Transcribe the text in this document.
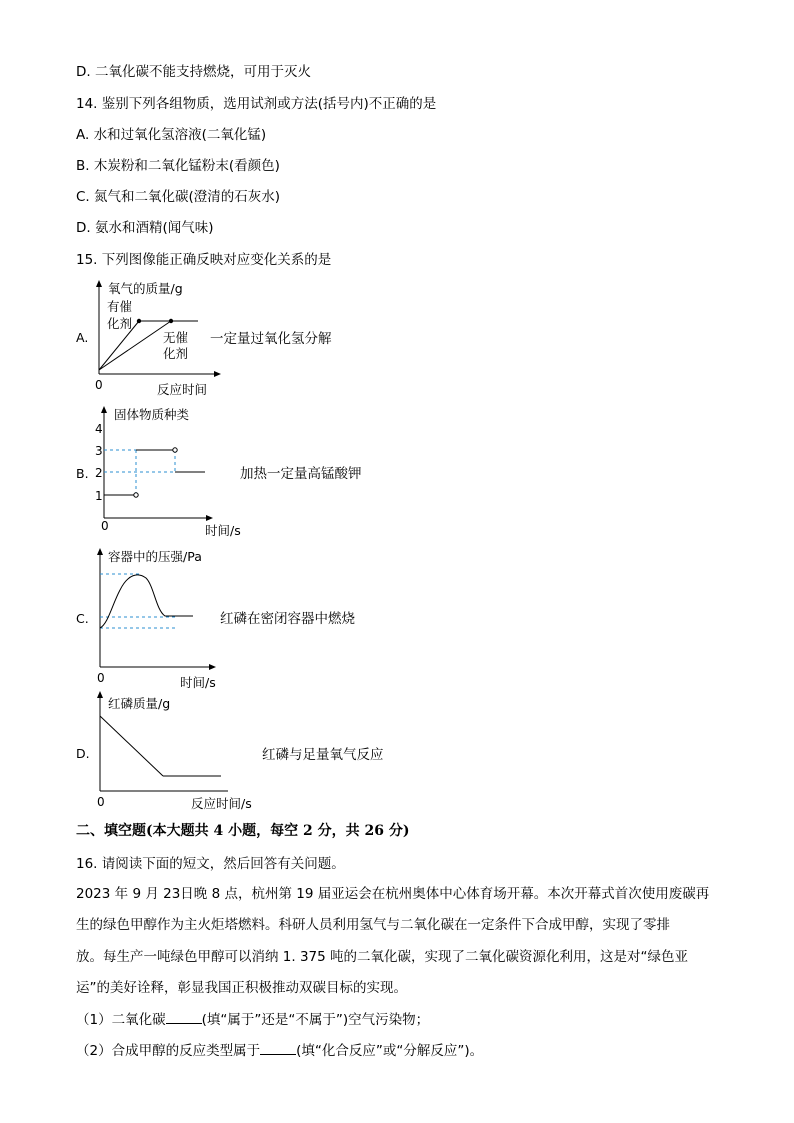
D. 二氧化碳不能支持燃烧，可用于灭火
14. 鉴别下列各组物质，选用试剂或方法(括号内)不正确的是
A. 水和过氧化氢溶液(二氧化锰)
B. 木炭粉和二氧化锰粉末(看颜色)
C. 氮气和二氧化碳(澄清的石灰水)
D. 氨水和酒精(闻气味)
15. 下列图像能正确反映对应变化关系的是
A.
氧气的质量/g
反应时间
0
有催
化剂
无催
化剂
一定量过氧化氢分解
B.
固体物质种类
时间/s
0
4
3
2
1
加热一定量高锰酸钾
C.
容器中的压强/Pa
时间/s
0
红磷在密闭容器中燃烧
D.
红磷质量/g
反应时间/s
0
红磷与足量氧气反应
二、填空题(本大题共 4 小题，每空 2 分，共 26 分)
16. 请阅读下面的短文，然后回答有关问题。
2023 年 9 月 23日晚 8 点，杭州第 19 届亚运会在杭州奥体中心体育场开幕。本次开幕式首次使用废碳再
生的绿色甲醇作为主火炬塔燃料。科研人员利用氢气与二氧化碳在一定条件下合成甲醇，实现了零排
放。每生产一吨绿色甲醇可以消纳 1. 375 吨的二氧化碳，实现了二氧化碳资源化利用，这是对“绿色亚
运”的美好诠释，彰显我国正积极推动双碳目标的实现。
（1）二氧化碳	(填“属于”还是“不属于”)空气污染物；
（2）合成甲醇的反应类型属于	(填“化合反应”或“分解反应”)。
